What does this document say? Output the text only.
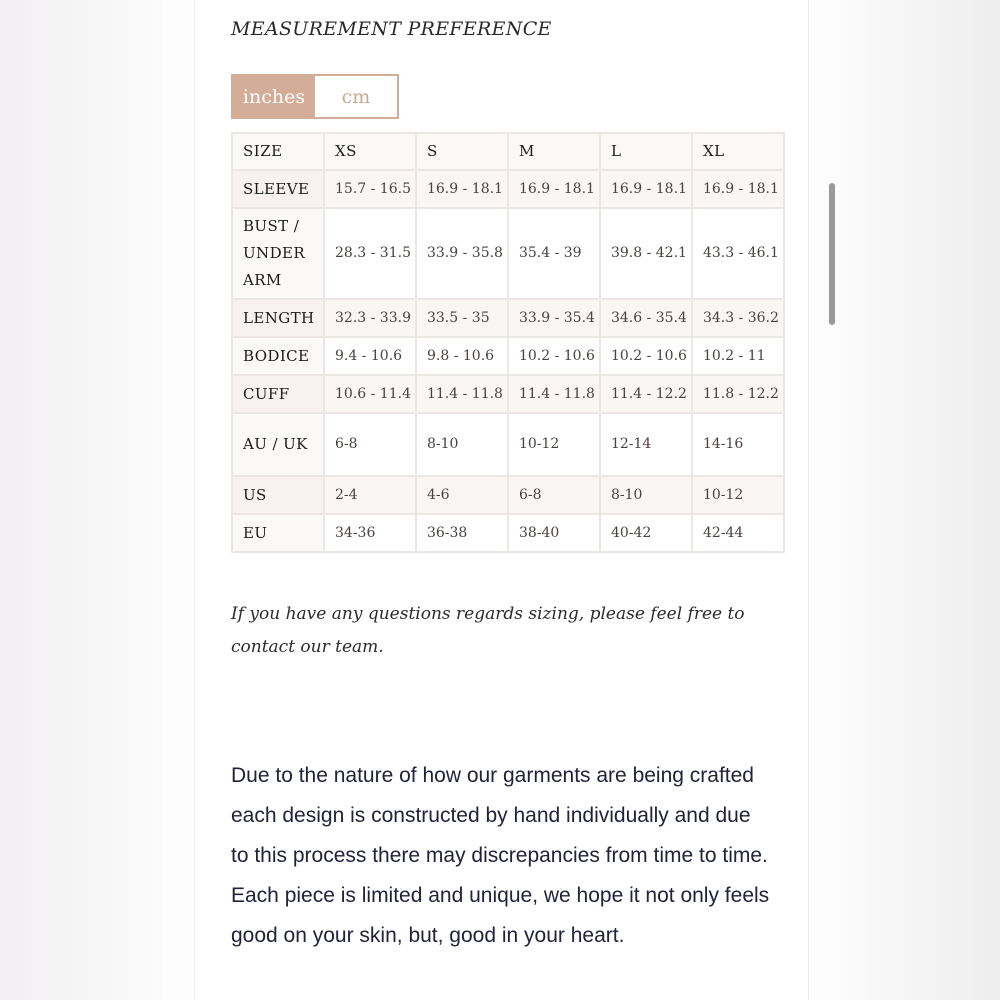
MEASUREMENT PREFERENCE
inches	cm
SIZE	XS	S	M	L	XL
SLEEVE	15.7 - 16.5	16.9 - 18.1	16.9 - 18.1	16.9 - 18.1	16.9 - 18.1
BUST / UNDER ARM	28.3 - 31.5	33.9 - 35.8	35.4 - 39	39.8 - 42.1	43.3 - 46.1
LENGTH	32.3 - 33.9	33.5 - 35	33.9 - 35.4	34.6 - 35.4	34.3 - 36.2
BODICE	9.4 - 10.6	9.8 - 10.6	10.2 - 10.6	10.2 - 10.6	10.2 - 11
CUFF	10.6 - 11.4	11.4 - 11.8	11.4 - 11.8	11.4 - 12.2	11.8 - 12.2
AU / UK	6-8	8-10	10-12	12-14	14-16
US	2-4	4-6	6-8	8-10	10-12
EU	34-36	36-38	38-40	40-42	42-44
If you have any questions regards sizing, please feel free to contact our team.
Due to the nature of how our garments are being crafted each design is constructed by hand individually and due to this process there may discrepancies from time to time. Each piece is limited and unique, we hope it not only feels good on your skin, but, good in your heart.
